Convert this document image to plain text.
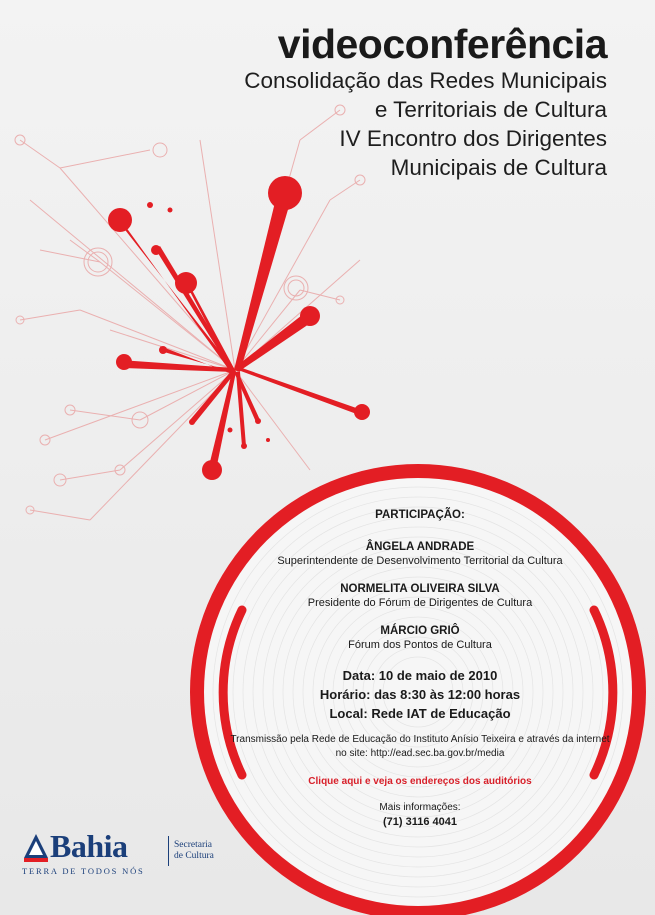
videoconferência
Consolidação das Redes Municipais
e Territoriais de Cultura
IV Encontro dos Dirigentes
Municipais de Cultura
PARTICIPAÇÃO:
ÂNGELA ANDRADE
Superintendente de Desenvolvimento Territorial da Cultura
NORMELITA OLIVEIRA SILVA
Presidente do Fórum de Dirigentes de Cultura
MÁRCIO GRIÔ
Fórum dos Pontos de Cultura
Data: 10 de maio de 2010
Horário: das 8:30 às 12:00 horas
Local: Rede IAT de Educação
Transmissão pela Rede de Educação do Instituto Anísio Teixeira e através da internet no site: http://ead.sec.ba.gov.br/media
Clique aqui e veja os endereços dos auditórios
Mais informações:
(71) 3116 4041
Bahia
TERRA DE TODOS NÓS
Secretaria
de Cultura
